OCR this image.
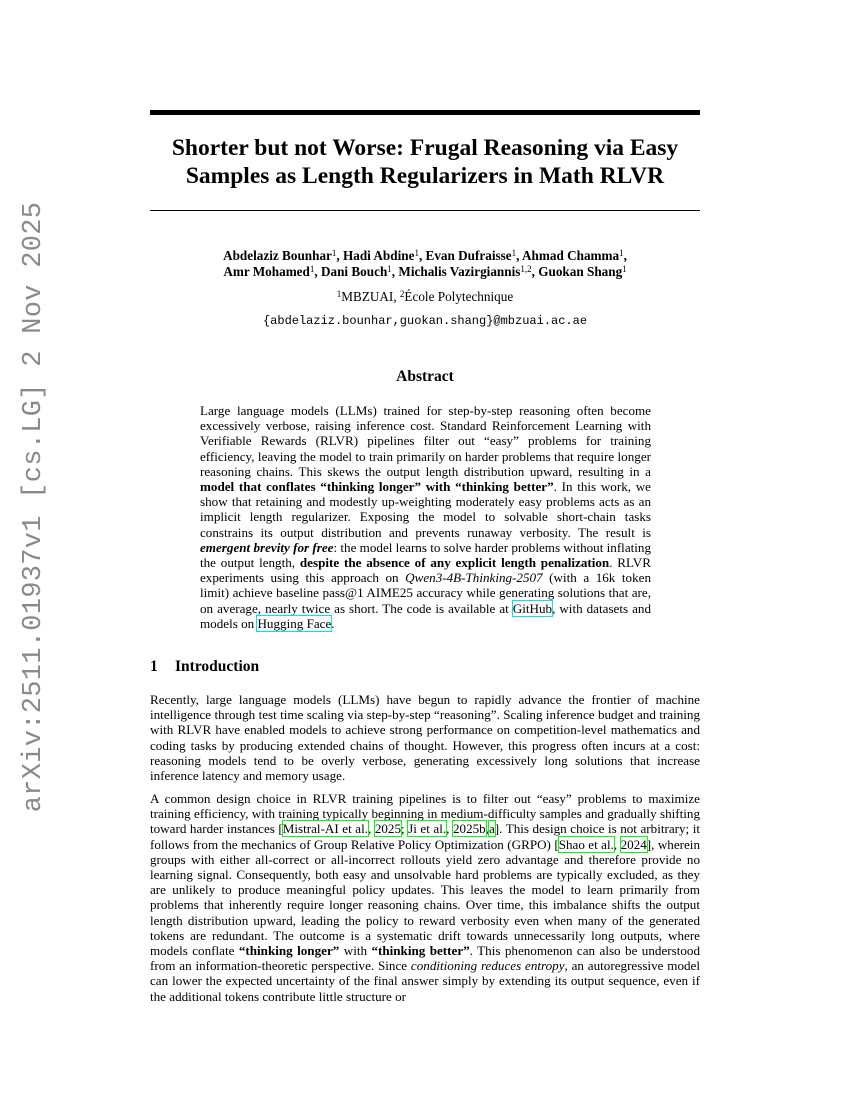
arXiv:2511.01937v1 [cs.LG] 2 Nov 2025
Shorter but not Worse: Frugal Reasoning via Easy
Samples as Length Regularizers in Math RLVR
Abdelaziz Bounhar$^1$, Hadi Abdine$^1$, Evan Dufraisse$^1$, Ahmad Chamma$^1$,
Amr Mohamed$^1$, Dani Bouch$^1$, Michalis Vazirgiannis$^{1,2}$, Guokan Shang$^1$
$^1$MBZUAI, $^2$École Polytechnique
{abdelaziz.bounhar,guokan.shang}@mbzuai.ac.ae
Abstract
Large language models (LLMs) trained for step-by-step reasoning often become excessively verbose, raising inference cost. Standard Reinforcement Learning with Verifiable Rewards (RLVR) pipelines filter out “easy” problems for training efficiency, leaving the model to train primarily on harder problems that require longer reasoning chains. This skews the output length distribution upward, resulting in a model that conflates “thinking longer” with “thinking better”. In this work, we show that retaining and modestly up-weighting moderately easy problems acts as an implicit length regularizer. Exposing the model to solvable short-chain tasks constrains its output distribution and prevents runaway verbosity. The result is emergent brevity for free: the model learns to solve harder problems without inflating the output length, despite the absence of any explicit length penalization. RLVR experiments using this approach on Qwen3-4B-Thinking-2507 (with a 16k token limit) achieve baseline pass@1 AIME25 accuracy while generating solutions that are, on average, nearly twice as short. The code is available at GitHub, with datasets and models on Hugging Face.
1 Introduction
Recently, large language models (LLMs) have begun to rapidly advance the frontier of machine intelligence through test time scaling via step-by-step “reasoning”. Scaling inference budget and training with RLVR have enabled models to achieve strong performance on competition-level mathematics and coding tasks by producing extended chains of thought. However, this progress often incurs at a cost: reasoning models tend to be overly verbose, generating excessively long solutions that increase inference latency and memory usage.
A common design choice in RLVR training pipelines is to filter out “easy” problems to maximize training efficiency, with training typically beginning in medium-difficulty samples and gradually shifting toward harder instances [Mistral-AI et al., 2025; Ji et al., 2025b,a]. This design choice is not arbitrary; it follows from the mechanics of Group Relative Policy Optimization (GRPO) [Shao et al., 2024], wherein groups with either all-correct or all-incorrect rollouts yield zero advantage and therefore provide no learning signal. Consequently, both easy and unsolvable hard problems are typically excluded, as they are unlikely to produce meaningful policy updates. This leaves the model to learn primarily from problems that inherently require longer reasoning chains. Over time, this imbalance shifts the output length distribution upward, leading the policy to reward verbosity even when many of the generated tokens are redundant. The outcome is a systematic drift towards unnecessarily long outputs, where models conflate “thinking longer” with “thinking better”. This phenomenon can also be understood from an information-theoretic perspective. Since conditioning reduces entropy, an autoregressive model can lower the expected uncertainty of the final answer simply by extending its output sequence, even if the additional tokens contribute little structure or
